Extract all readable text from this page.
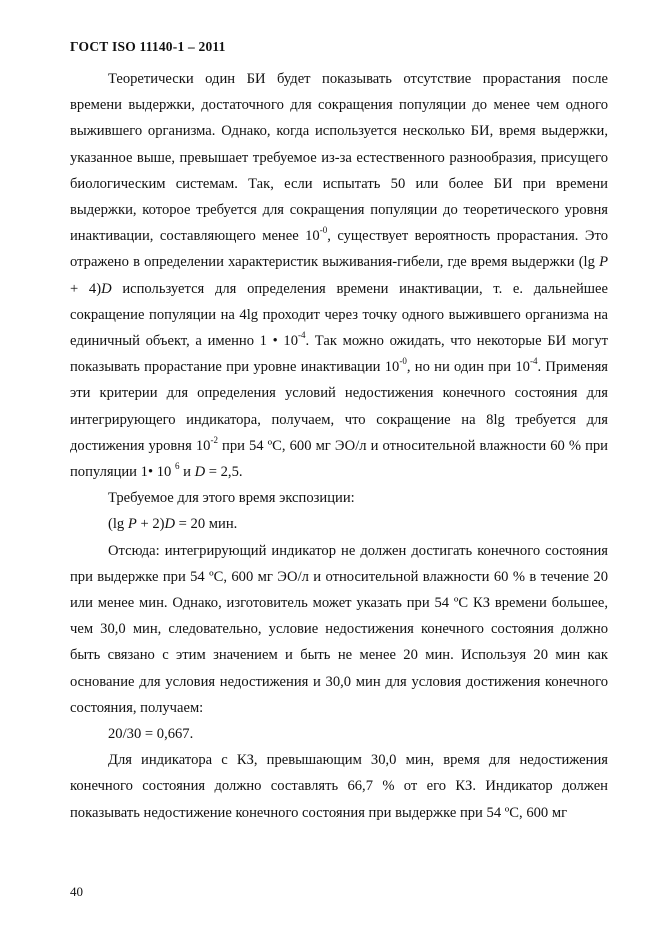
ГОСТ ISO 11140-1 – 2011

Теоретически один БИ будет показывать отсутствие прорастания после времени выдержки, достаточного для сокращения популяции до менее чем одного выжившего организма. Однако, когда используется несколько БИ, время выдержки, указанное выше, превышает требуемое из-за естественного разнообразия, присущего биологическим системам. Так, если испытать 50 или более БИ при времени выдержки, которое требуется для сокращения популяции до теоретического уровня инактивации, составляющего менее $10^{-0}$, существует вероятность прорастания. Это отражено в определении характеристик выживания-гибели, где время выдержки (lg P + 4)D используется для определения времени инактивации, т. е. дальнейшее сокращение популяции на 4lg проходит через точку одного выжившего организма на единичный объект, а именно 1 • $10^{-4}$. Так можно ожидать, что некоторые БИ могут показывать прорастание при уровне инактивации $10^{-0}$, но ни один при $10^{-4}$. Применяя эти критерии для определения условий недостижения конечного состояния для интегрирующего индикатора, получаем, что сокращение на 8lg требуется для достижения уровня $10^{-2}$ при 54 ºС, 600 мг ЭО/л и относительной влажности 60 % при популяции 1• 10 $^6$ и D = 2,5.

Требуемое для этого время экспозиции:

(lg P + 2)D = 20 мин.

Отсюда: интегрирующий индикатор не должен достигать конечного состояния при выдержке при 54 ºС, 600 мг ЭО/л и относительной влажности 60 % в течение 20 или менее мин. Однако, изготовитель может указать при 54 ºС КЗ времени большее, чем 30,0 мин, следовательно, условие недостижения конечного состояния должно быть связано с этим значением и быть не менее 20 мин. Используя 20 мин как основание для условия недостижения и 30,0 мин для условия достижения конечного состояния, получаем:

20/30 = 0,667.

Для индикатора с КЗ, превышающим 30,0 мин, время для недостижения конечного состояния должно составлять 66,7 % от его КЗ. Индикатор должен показывать недостижение конечного состояния при выдержке при 54 ºС, 600 мг

40
